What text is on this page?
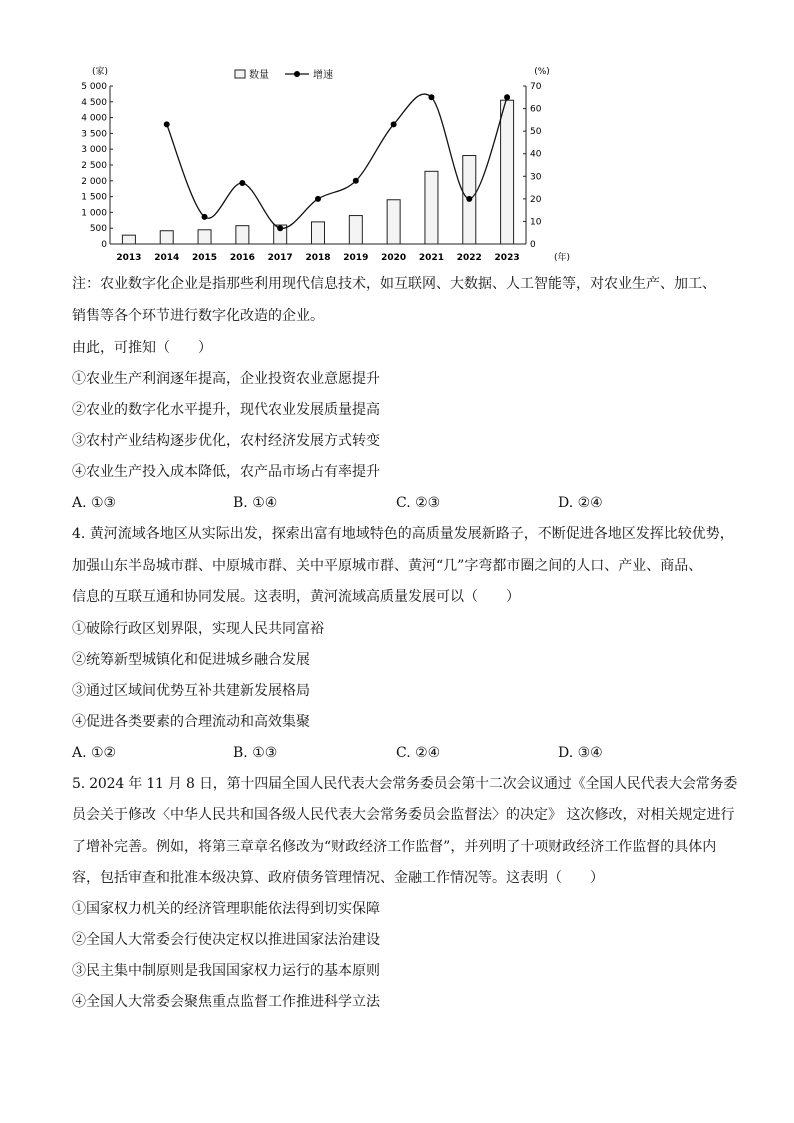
(家)	(%)
(年)
0
500
1 000
1 500
2 000
2 500
3 000
3 500
4 000
4 500
5 000
0
10
20
30
40
50
60
70
2013 2014 2015 2016 2017 2018 2019 2020 2021 2022 2023
数量	增速
注：农业数字化企业是指那些利用现代信息技术，如互联网、大数据、人工智能等，对农业生产、加工、
销售等各个环节进行数字化改造的企业。
由此，可推知（　　）
①农业生产利润逐年提高，企业投资农业意愿提升
②农业的数字化水平提升，现代农业发展质量提高
③农村产业结构逐步优化，农村经济发展方式转变
④农业生产投入成本降低，农产品市场占有率提升
A. ①③	B. ①④	C. ②③	D. ②④
4. 黄河流域各地区从实际出发，探索出富有地域特色的高质量发展新路子，不断促进各地区发挥比较优势，
加强山东半岛城市群、中原城市群、关中平原城市群、黄河“几”字弯都市圈之间的人口、产业、商品、
信息的互联互通和协同发展。这表明，黄河流域高质量发展可以（　　）
①破除行政区划界限，实现人民共同富裕
②统筹新型城镇化和促进城乡融合发展
③通过区域间优势互补共建新发展格局
④促进各类要素的合理流动和高效集聚
A. ①②	B. ①③	C. ②④	D. ③④
5. 2024 年 11 月 8 日，第十四届全国人民代表大会常务委员会第十二次会议通过《全国人民代表大会常务委
员会关于修改〈中华人民共和国各级人民代表大会常务委员会监督法〉的决定》 这次修改，对相关规定进行
了增补完善。例如，将第三章章名修改为“财政经济工作监督”，并列明了十项财政经济工作监督的具体内
容，包括审查和批准本级决算、政府债务管理情况、金融工作情况等。这表明（　　）
①国家权力机关的经济管理职能依法得到切实保障
②全国人大常委会行使决定权以推进国家法治建设
③民主集中制原则是我国国家权力运行的基本原则
④全国人大常委会聚焦重点监督工作推进科学立法
